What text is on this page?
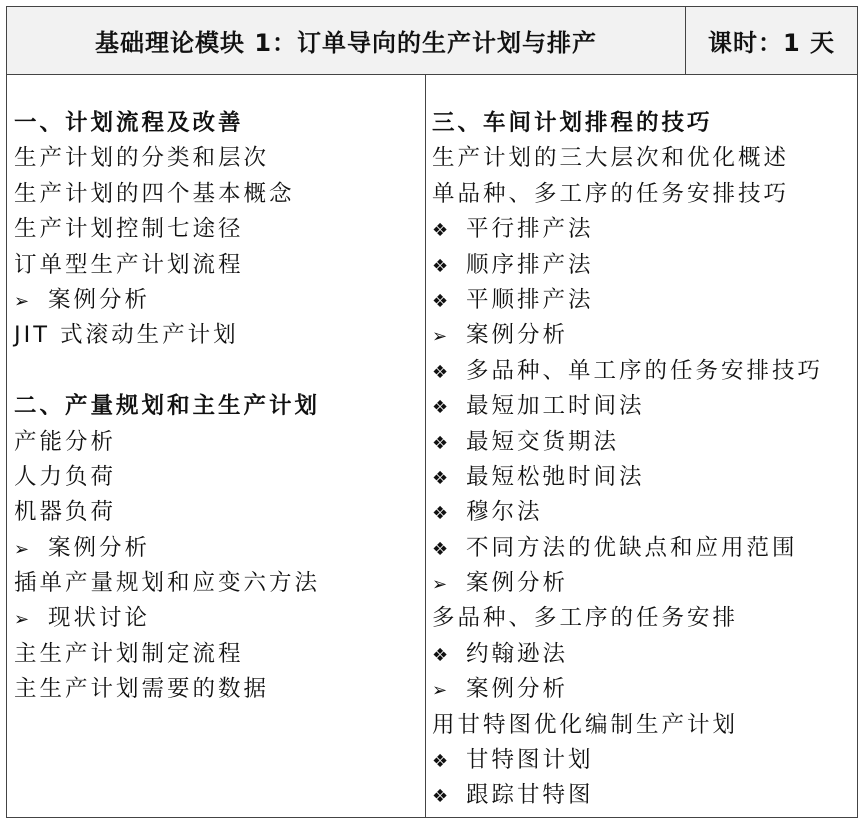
基础理论模块 1：订单导向的生产计划与排产	课时：1 天
一、计划流程及改善
生产计划的分类和层次
生产计划的四个基本概念
生产计划控制七途径
订单型生产计划流程
➢ 案例分析
JIT 式滚动生产计划
二、产量规划和主生产计划
产能分析
人力负荷
机器负荷
➢ 案例分析
插单产量规划和应变六方法
➢ 现状讨论
主生产计划制定流程
主生产计划需要的数据
三、车间计划排程的技巧
生产计划的三大层次和优化概述
单品种、多工序的任务安排技巧
❖ 平行排产法
❖ 顺序排产法
❖ 平顺排产法
➢ 案例分析
❖ 多品种、单工序的任务安排技巧
❖ 最短加工时间法
❖ 最短交货期法
❖ 最短松弛时间法
❖ 穆尔法
❖ 不同方法的优缺点和应用范围
➢ 案例分析
多品种、多工序的任务安排
❖ 约翰逊法
➢ 案例分析
用甘特图优化编制生产计划
❖ 甘特图计划
❖ 跟踪甘特图
